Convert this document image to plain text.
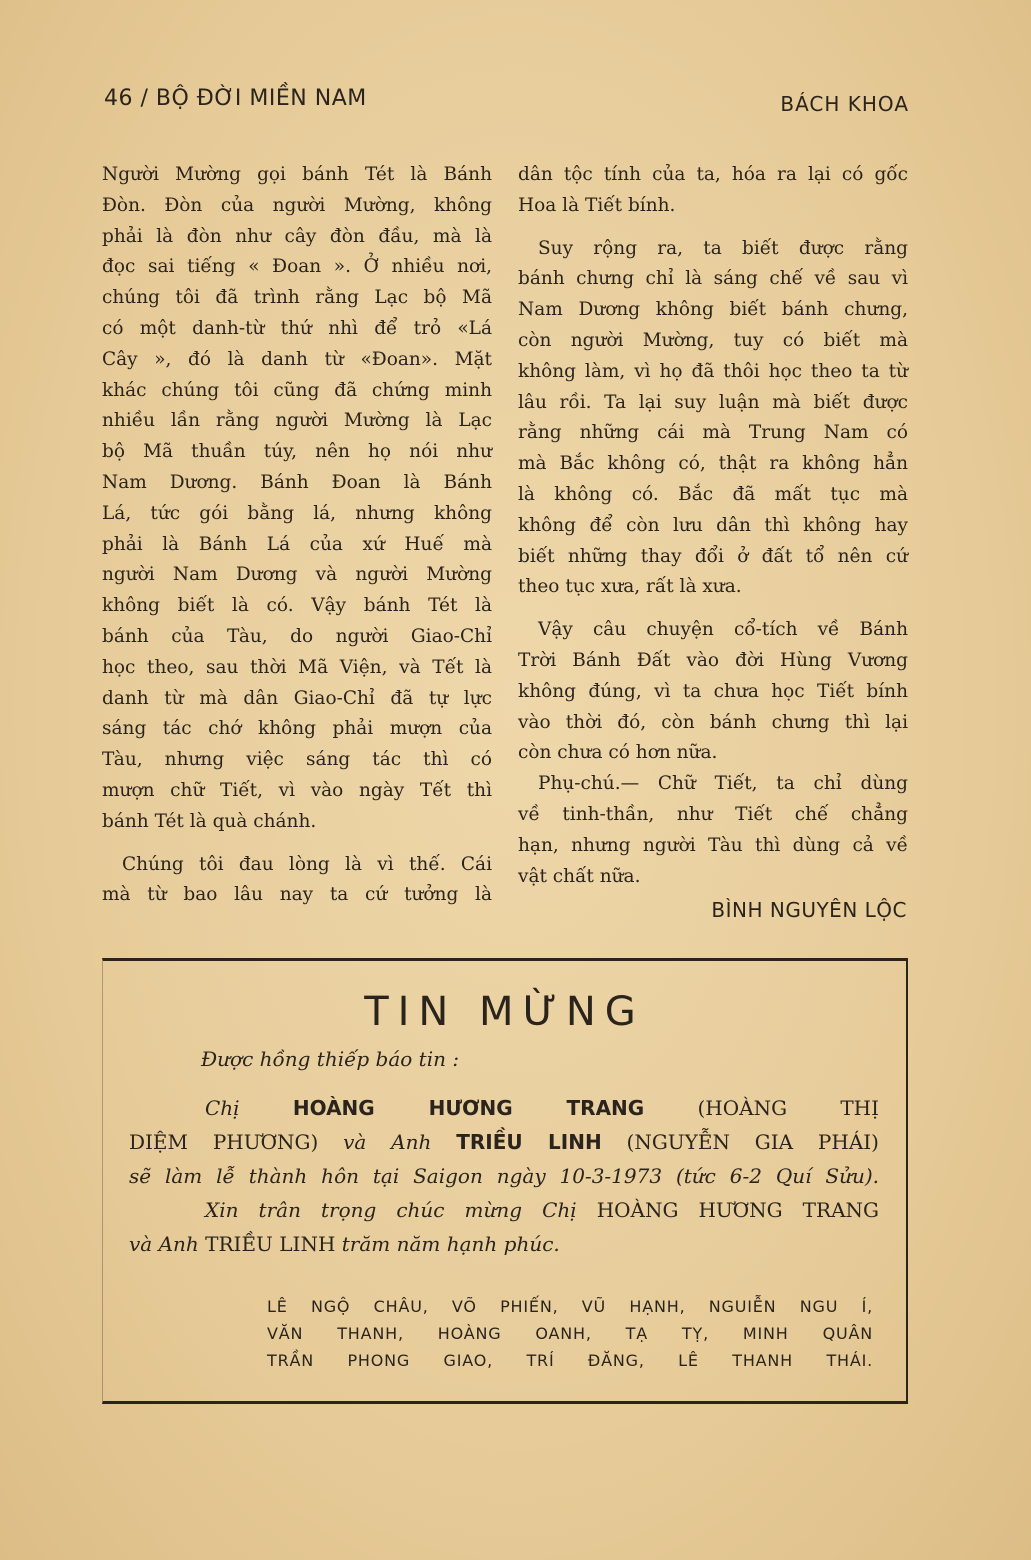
46 / BỘ ĐỜI MIỀN NAM	BÁCH KHOA
Người Mường gọi bánh Tét là Bánh
Đòn. Đòn của người Mường, không
phải là đòn như cây đòn đầu, mà là
đọc sai tiếng « Đoan ». Ở nhiều nơi,
chúng tôi đã trình rằng Lạc bộ Mã
có một danh-từ thứ nhì để trỏ «Lá
Cây », đó là danh từ «Đoan». Mặt
khác chúng tôi cũng đã chứng minh
nhiều lần rằng người Mường là Lạc
bộ Mã thuần túy, nên họ nói như
Nam Dương. Bánh Đoan là Bánh
Lá, tức gói bằng lá, nhưng không
phải là Bánh Lá của xứ Huế mà
người Nam Dương và người Mường
không biết là có. Vậy bánh Tét là
bánh của Tàu, do người Giao-Chỉ
học theo, sau thời Mã Viện, và Tết là
danh từ mà dân Giao-Chỉ đã tự lực
sáng tác chớ không phải mượn của
Tàu, nhưng việc sáng tác thì có
mượn chữ Tiết, vì vào ngày Tết thì
bánh Tét là quà chánh.
Chúng tôi đau lòng là vì thế. Cái
mà từ bao lâu nay ta cứ tưởng là
dân tộc tính của ta, hóa ra lại có gốc
Hoa là Tiết bính.
Suy rộng ra, ta biết được rằng
bánh chưng chỉ là sáng chế về sau vì
Nam Dương không biết bánh chưng,
còn người Mường, tuy có biết mà
không làm, vì họ đã thôi học theo ta từ
lâu rồi. Ta lại suy luận mà biết được
rằng những cái mà Trung Nam có
mà Bắc không có, thật ra không hẳn
là không có. Bắc đã mất tục mà
không để còn lưu dân thì không hay
biết những thay đổi ở đất tổ nên cứ
theo tục xưa, rất là xưa.
Vậy câu chuyện cổ-tích về Bánh
Trời Bánh Đất vào đời Hùng Vương
không đúng, vì ta chưa học Tiết bính
vào thời đó, còn bánh chưng thì lại
còn chưa có hơn nữa.
Phụ-chú.— Chữ Tiết, ta chỉ dùng
về tinh-thần, như Tiết chế chẳng
hạn, nhưng người Tàu thì dùng cả về
vật chất nữa.
BÌNH NGUYÊN LỘC
TIN MỪNG
Được hồng thiếp báo tin :
Chị	HOÀNG HƯƠNG TRANG	(HOÀNG THỊ
DIỆM PHƯƠNG) và Anh TRIỀU LINH (NGUYỄN GIA PHÁI)
sẽ làm lễ thành hôn tại Saigon ngày 10-3-1973 (tức 6-2 Quí Sửu).
Xin trân trọng chúc mừng Chị HOÀNG HƯƠNG TRANG
và Anh TRIỀU LINH trăm năm hạnh phúc.
LÊ NGỘ CHÂU, VÕ PHIẾN, VŨ HẠNH, NGUIỄN NGU Í,
VĂN THANH, HOÀNG OANH, TẠ TỴ, MINH QUÂN
TRẦN PHONG GIAO, TRÍ ĐĂNG, LÊ THANH THÁI.
